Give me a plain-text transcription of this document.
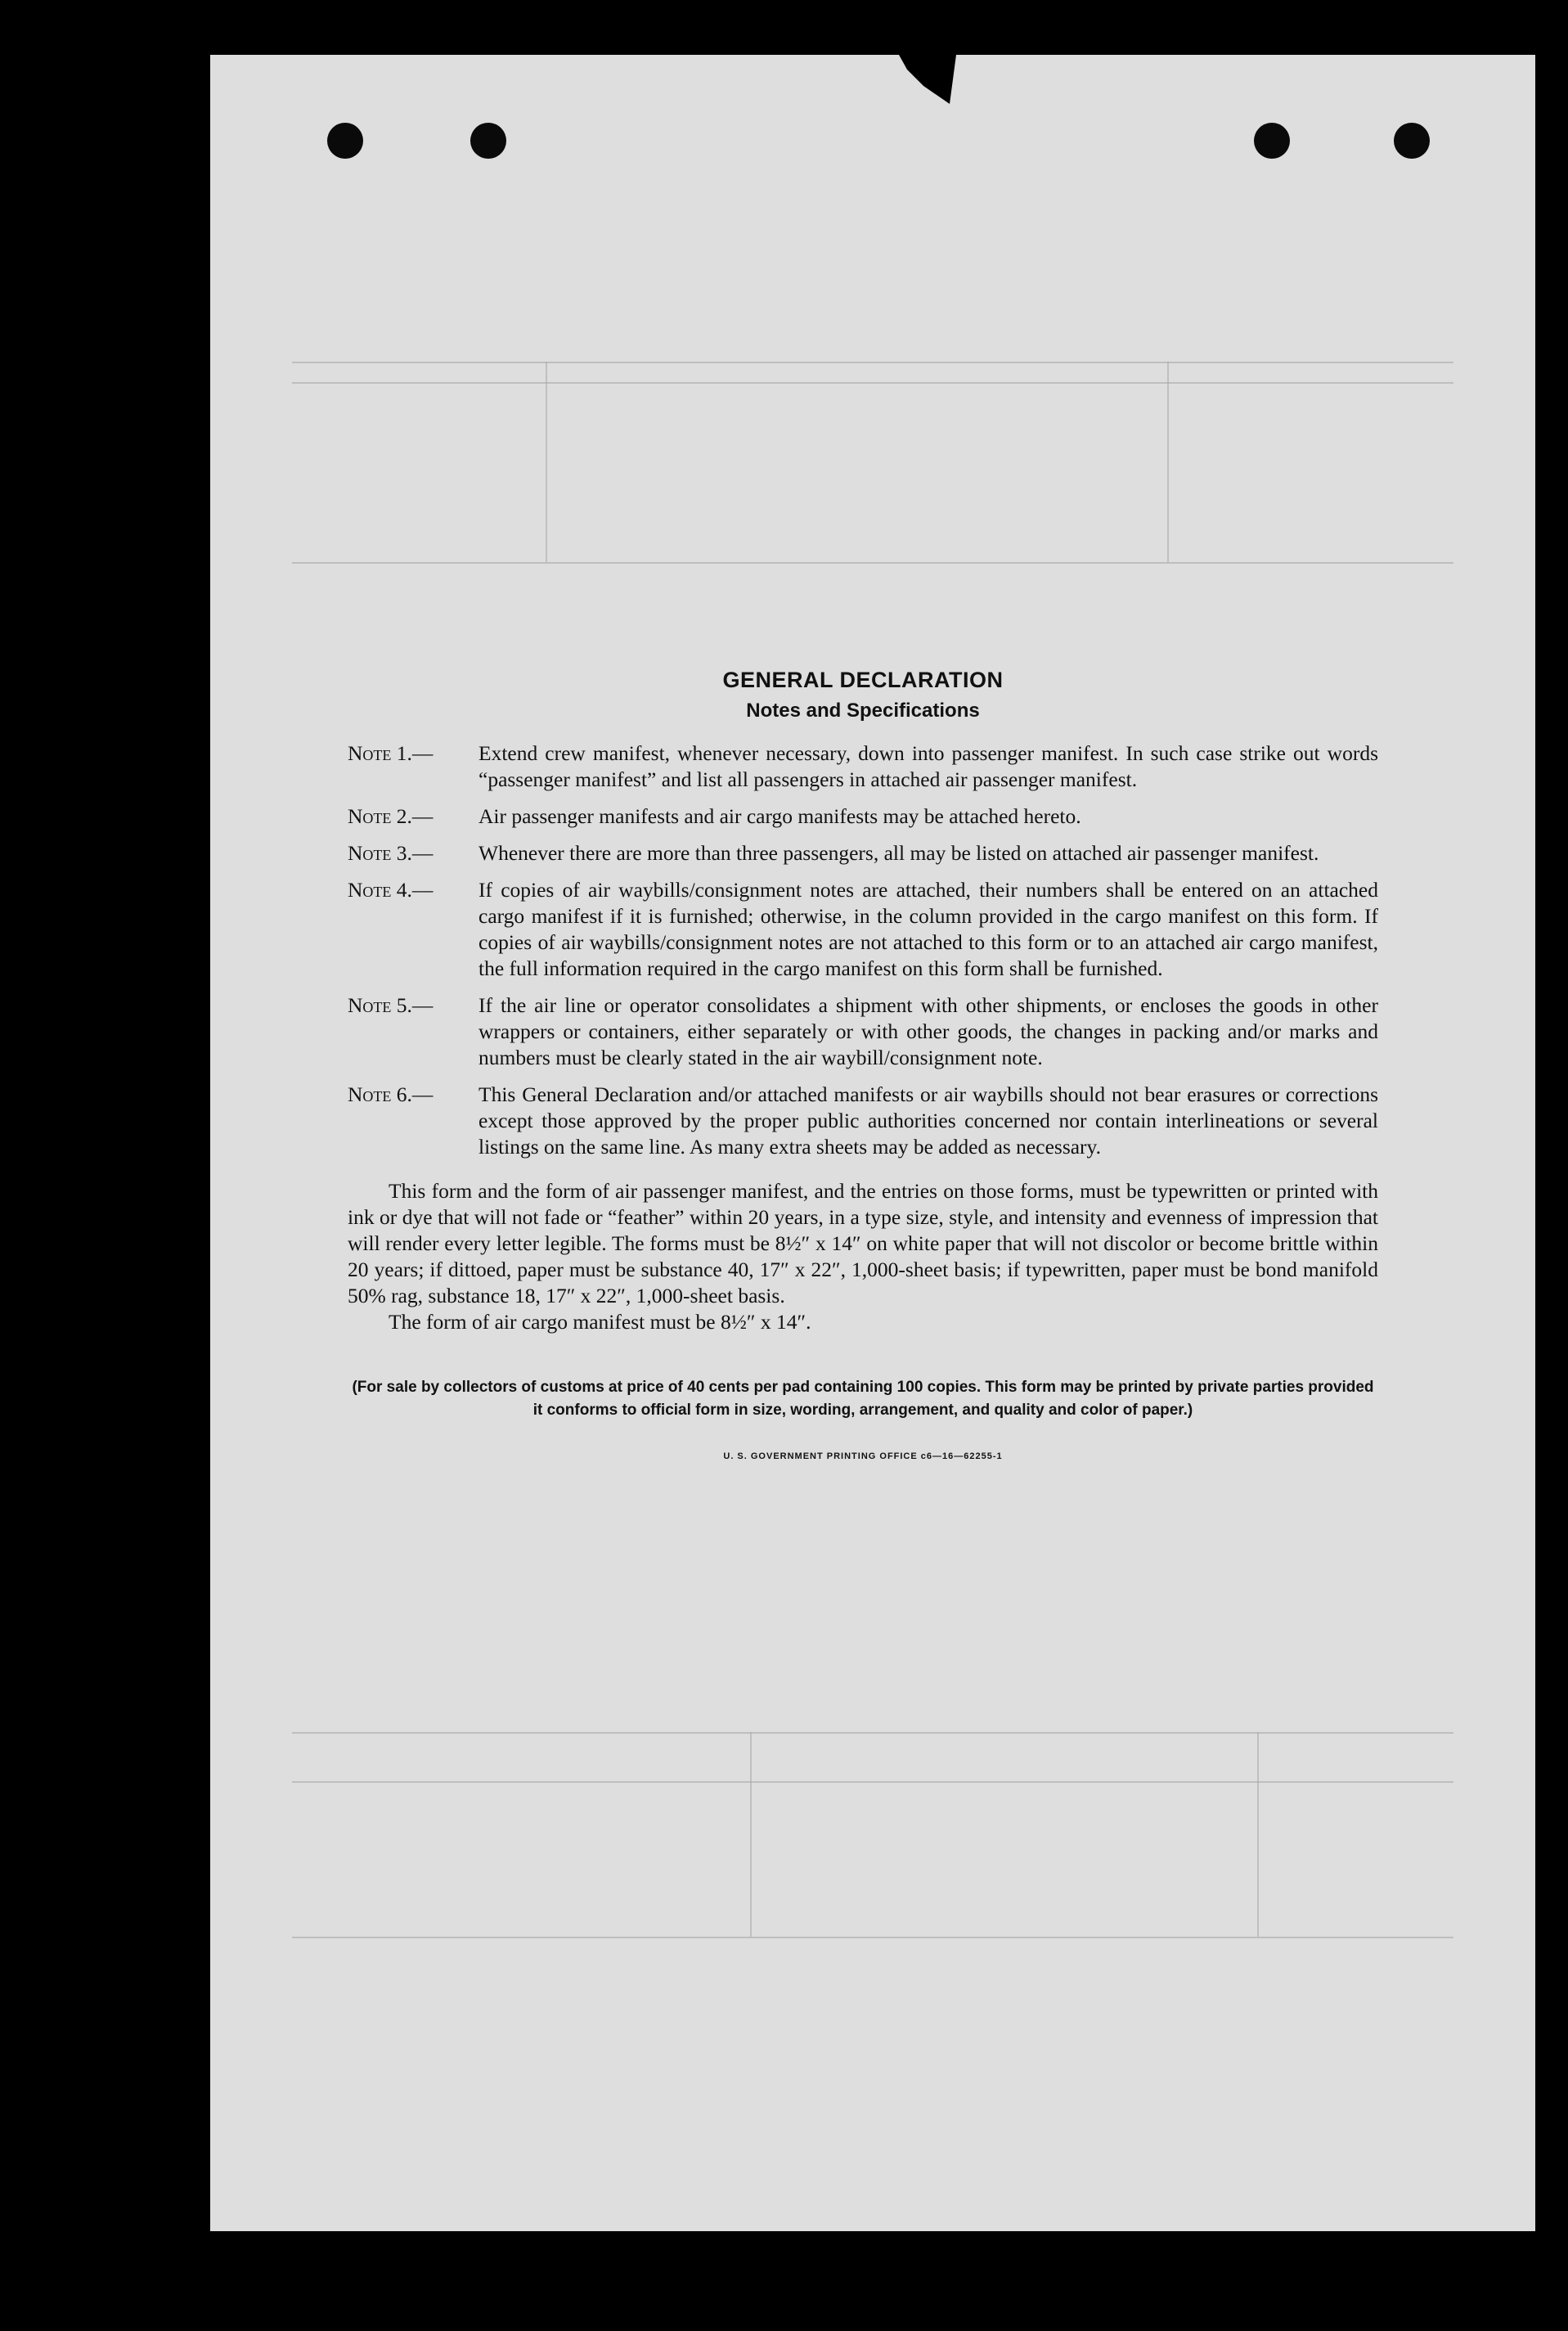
GENERAL DECLARATION
Notes and Specifications
Note 1.—	Extend crew manifest, whenever necessary, down into passenger manifest. In such case strike out words “passenger manifest” and list all passengers in attached air passenger manifest.
Note 2.—	Air passenger manifests and air cargo manifests may be attached hereto.
Note 3.—	Whenever there are more than three passengers, all may be listed on attached air passenger manifest.
Note 4.—	If copies of air waybills/consignment notes are attached, their numbers shall be entered on an attached cargo manifest if it is furnished; otherwise, in the column provided in the cargo manifest on this form. If copies of air waybills/consignment notes are not attached to this form or to an attached air cargo manifest, the full information required in the cargo manifest on this form shall be furnished.
Note 5.—	If the air line or operator consolidates a shipment with other shipments, or encloses the goods in other wrappers or containers, either separately or with other goods, the changes in packing and/or marks and numbers must be clearly stated in the air waybill/consignment note.
Note 6.—	This General Declaration and/or attached manifests or air waybills should not bear erasures or corrections except those approved by the proper public authorities concerned nor contain interlineations or several listings on the same line. As many extra sheets may be added as necessary.
This form and the form of air passenger manifest, and the entries on those forms, must be typewritten or printed with ink or dye that will not fade or “feather” within 20 years, in a type size, style, and intensity and evenness of impression that will render every letter legible. The forms must be 8½″ x 14″ on white paper that will not discolor or become brittle within 20 years; if dittoed, paper must be substance 40, 17″ x 22″, 1,000-sheet basis; if typewritten, paper must be bond manifold 50% rag, substance 18, 17″ x 22″, 1,000-sheet basis.
The form of air cargo manifest must be 8½″ x 14″.
(For sale by collectors of customs at price of 40 cents per pad containing 100 copies. This form may be printed by private parties provided it conforms to official form in size, wording, arrangement, and quality and color of paper.)
U. S. GOVERNMENT PRINTING OFFICE c6—16—62255-1
